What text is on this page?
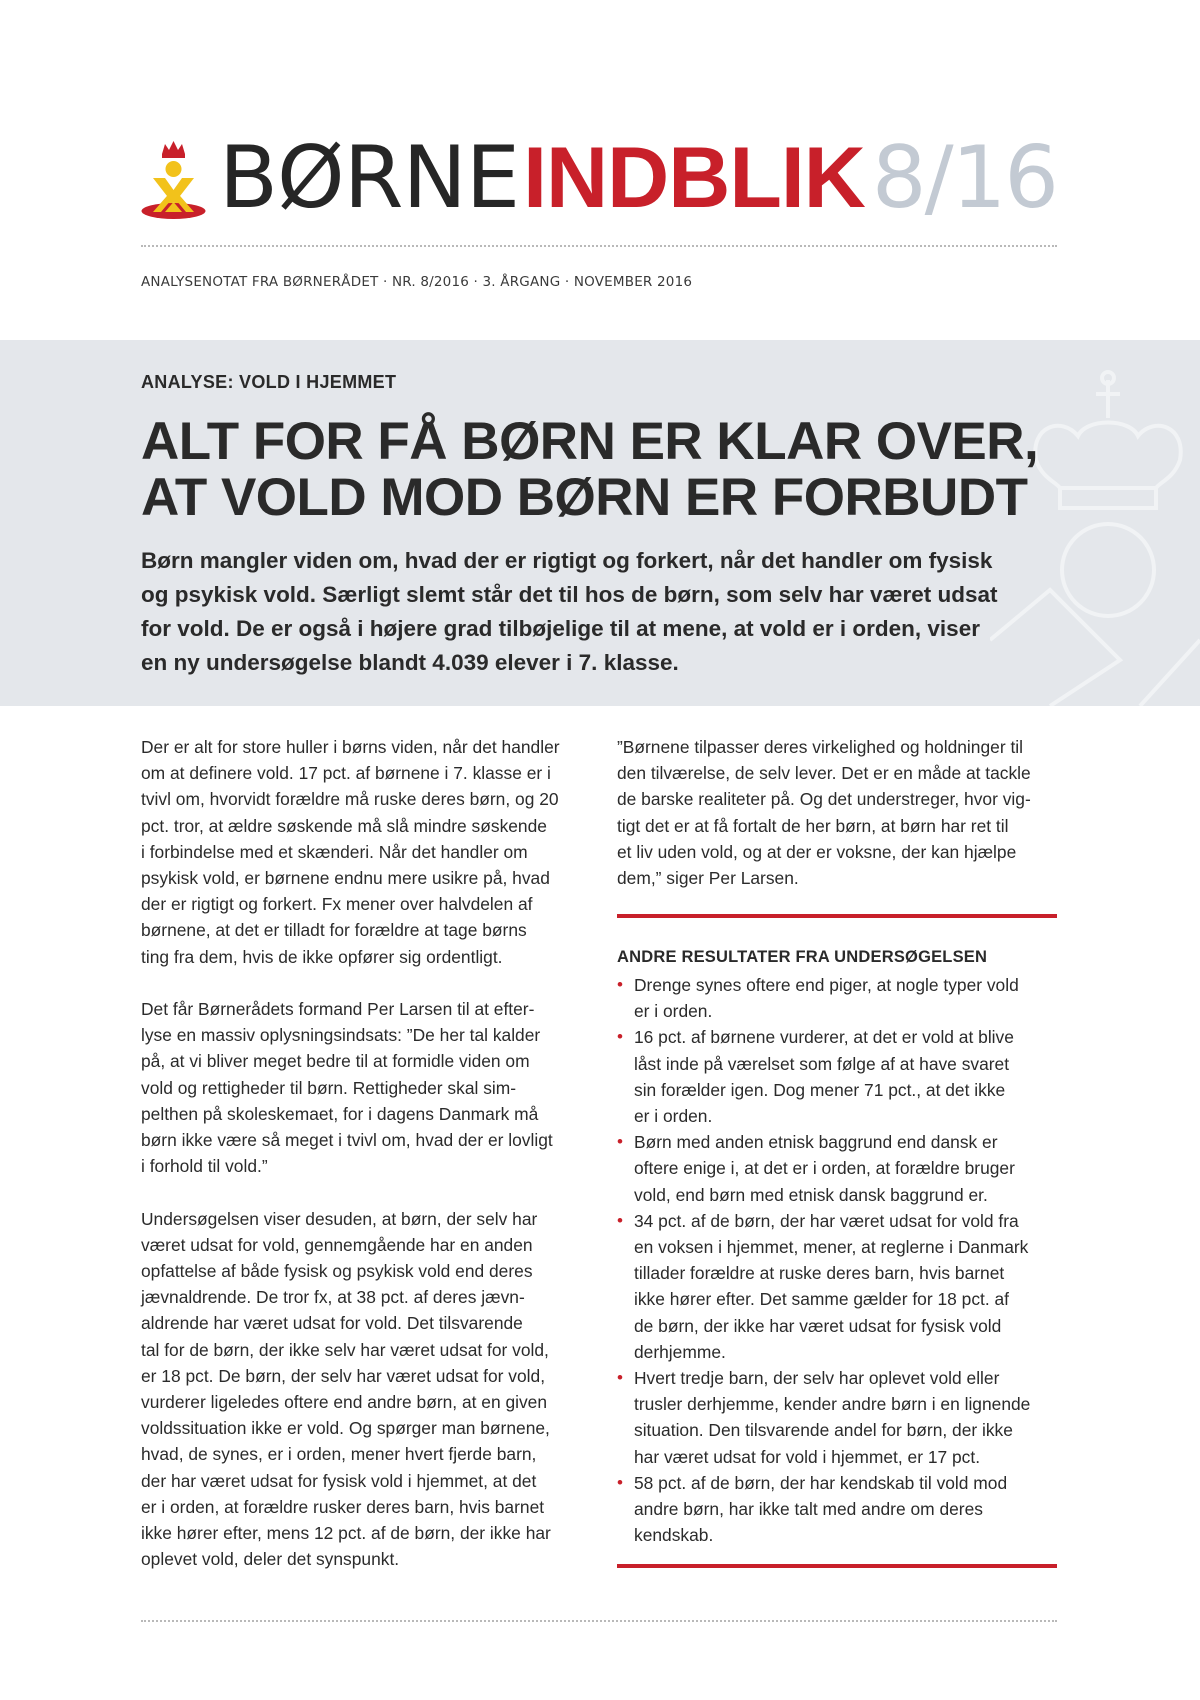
BØRNEINDBLIK 8/16
ANALYSENOTAT FRA BØRNERÅDET · NR. 8/2016 · 3. ÅRGANG · NOVEMBER 2016
ANALYSE: VOLD I HJEMMET
ALT FOR FÅ BØRN ER KLAR OVER,
AT VOLD MOD BØRN ER FORBUDT
Børn mangler viden om, hvad der er rigtigt og forkert, når det handler om fysisk
og psykisk vold. Særligt slemt står det til hos de børn, som selv har været udsat
for vold. De er også i højere grad tilbøjelige til at mene, at vold er i orden, viser
en ny undersøgelse blandt 4.039 elever i 7. klasse.
Der er alt for store huller i børns viden, når det handler
om at definere vold. 17 pct. af børnene i 7. klasse er i
tvivl om, hvorvidt forældre må ruske deres børn, og 20
pct. tror, at ældre søskende må slå mindre søskende
i forbindelse med et skænderi. Når det handler om
psykisk vold, er børnene endnu mere usikre på, hvad
der er rigtigt og forkert. Fx mener over halvdelen af
børnene, at det er tilladt for forældre at tage børns
ting fra dem, hvis de ikke opfører sig ordentligt.
Det får Børnerådets formand Per Larsen til at efter-
lyse en massiv oplysningsindsats: ”De her tal kalder
på, at vi bliver meget bedre til at formidle viden om
vold og rettigheder til børn. Rettigheder skal sim-
pelthen på skoleskemaet, for i dagens Danmark må
børn ikke være så meget i tvivl om, hvad der er lovligt
i forhold til vold.”
Undersøgelsen viser desuden, at børn, der selv har
været udsat for vold, gennemgående har en anden
opfattelse af både fysisk og psykisk vold end deres
jævnaldrende. De tror fx, at 38 pct. af deres jævn-
aldrende har været udsat for vold. Det tilsvarende
tal for de børn, der ikke selv har været udsat for vold,
er 18 pct. De børn, der selv har været udsat for vold,
vurderer ligeledes oftere end andre børn, at en given
voldssituation ikke er vold. Og spørger man børnene,
hvad, de synes, er i orden, mener hvert fjerde barn,
der har været udsat for fysisk vold i hjemmet, at det
er i orden, at forældre rusker deres barn, hvis barnet
ikke hører efter, mens 12 pct. af de børn, der ikke har
oplevet vold, deler det synspunkt.
”Børnene tilpasser deres virkelighed og holdninger til
den tilværelse, de selv lever. Det er en måde at tackle
de barske realiteter på. Og det understreger, hvor vig-
tigt det er at få fortalt de her børn, at børn har ret til
et liv uden vold, og at der er voksne, der kan hjælpe
dem,” siger Per Larsen.
ANDRE RESULTATER FRA UNDERSØGELSEN
• Drenge synes oftere end piger, at nogle typer vold
er i orden.
• 16 pct. af børnene vurderer, at det er vold at blive
låst inde på værelset som følge af at have svaret
sin forælder igen. Dog mener 71 pct., at det ikke
er i orden.
• Børn med anden etnisk baggrund end dansk er
oftere enige i, at det er i orden, at forældre bruger
vold, end børn med etnisk dansk baggrund er.
• 34 pct. af de børn, der har været udsat for vold fra
en voksen i hjemmet, mener, at reglerne i Danmark
tillader forældre at ruske deres barn, hvis barnet
ikke hører efter. Det samme gælder for 18 pct. af
de børn, der ikke har været udsat for fysisk vold
derhjemme.
• Hvert tredje barn, der selv har oplevet vold eller
trusler derhjemme, kender andre børn i en lignende
situation. Den tilsvarende andel for børn, der ikke
har været udsat for vold i hjemmet, er 17 pct.
• 58 pct. af de børn, der har kendskab til vold mod
andre børn, har ikke talt med andre om deres
kendskab.
